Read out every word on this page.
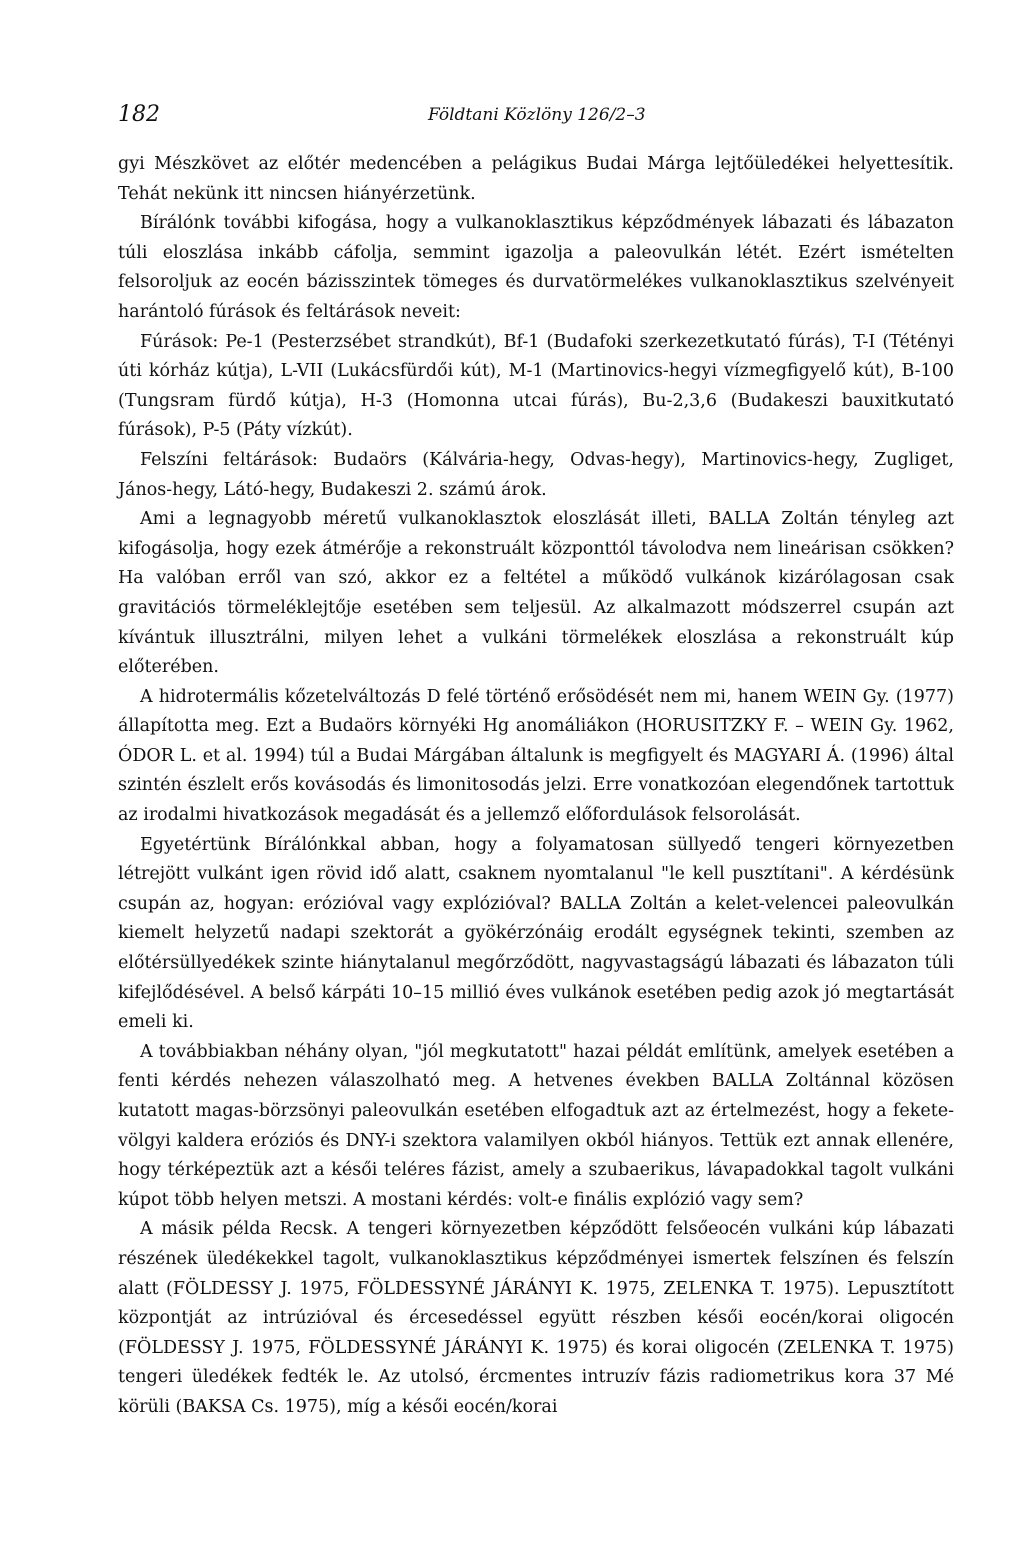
182	Földtani Közlöny 126/2–3

gyi Mészkövet az előtér medencében a pelágikus Budai Márga lejtőüledékei helyettesítik. Tehát nekünk itt nincsen hiányérzetünk.

Bírálónk további kifogása, hogy a vulkanoklasztikus képződmények lábazati és lábazaton túli eloszlása inkább cáfolja, semmint igazolja a paleovulkán létét. Ezért ismételten felsoroljuk az eocén bázisszintek tömeges és durvatörmelékes vulkanoklasztikus szelvényeit harántoló fúrások és feltárások neveit:

Fúrások: Pe-1 (Pesterzsébet strandkút), Bf-1 (Budafoki szerkezetkutató fúrás), T-I (Tétényi úti kórház kútja), L-VII (Lukácsfürdői kút), M-1 (Martinovics-hegyi vízmegfigyelő kút), B-100 (Tungsram fürdő kútja), H-3 (Homonna utcai fúrás), Bu-2,3,6 (Budakeszi bauxitkutató fúrások), P-5 (Páty vízkút).

Felszíni feltárások: Budaörs (Kálvária-hegy, Odvas-hegy), Martinovics-hegy, Zugliget, János-hegy, Látó-hegy, Budakeszi 2. számú árok.

Ami a legnagyobb méretű vulkanoklasztok eloszlását illeti, BALLA Zoltán tényleg azt kifogásolja, hogy ezek átmérője a rekonstruált központtól távolodva nem lineárisan csökken? Ha valóban erről van szó, akkor ez a feltétel a működő vulkánok kizárólagosan csak gravitációs törmeléklejtője esetében sem teljesül. Az alkalmazott módszerrel csupán azt kívántuk illusztrálni, milyen lehet a vulkáni törmelékek eloszlása a rekonstruált kúp előterében.

A hidrotermális kőzetelváltozás D felé történő erősödését nem mi, hanem WEIN Gy. (1977) állapította meg. Ezt a Budaörs környéki Hg anomáliákon (HORUSITZKY F. – WEIN Gy. 1962, ÓDOR L. et al. 1994) túl a Budai Márgában általunk is megfigyelt és MAGYARI Á. (1996) által szintén észlelt erős kovásodás és limonitosodás jelzi. Erre vonatkozóan elegendőnek tartottuk az irodalmi hivatkozások megadását és a jellemző előfordulások felsorolását.

Egyetértünk Bírálónkkal abban, hogy a folyamatosan süllyedő tengeri környezetben létrejött vulkánt igen rövid idő alatt, csaknem nyomtalanul "le kell pusztítani". A kérdésünk csupán az, hogyan: erózióval vagy explózióval? BALLA Zoltán a kelet-velencei paleovulkán kiemelt helyzetű nadapi szektorát a gyökérzónáig erodált egységnek tekinti, szemben az előtérsüllyedékek szinte hiánytalanul megőrződött, nagyvastagságú lábazati és lábazaton túli kifejlődésével. A belső kárpáti 10–15 millió éves vulkánok esetében pedig azok jó megtartását emeli ki.

A továbbiakban néhány olyan, "jól megkutatott" hazai példát említünk, amelyek esetében a fenti kérdés nehezen válaszolható meg. A hetvenes években BALLA Zoltánnal közösen kutatott magas-börzsönyi paleovulkán esetében elfogadtuk azt az értelmezést, hogy a fekete-völgyi kaldera eróziós és DNY-i szektora valamilyen okból hiányos. Tettük ezt annak ellenére, hogy térképeztük azt a késői teléres fázist, amely a szubaerikus, lávapadokkal tagolt vulkáni kúpot több helyen metszi. A mostani kérdés: volt-e finális explózió vagy sem?

A másik példa Recsk. A tengeri környezetben képződött felsőeocén vulkáni kúp lábazati részének üledékekkel tagolt, vulkanoklasztikus képződményei ismertek felszínen és felszín alatt (FÖLDESSY J. 1975, FÖLDESSYNÉ JÁRÁNYI K. 1975, ZELENKA T. 1975). Lepusztított központját az intrúzióval és ércesedéssel együtt részben késői eocén/korai oligocén (FÖLDESSY J. 1975, FÖLDESSYNÉ JÁRÁNYI K. 1975) és korai oligocén (ZELENKA T. 1975) tengeri üledékek fedték le. Az utolsó, ércmentes intruzív fázis radiometrikus kora 37 Mé körüli (BAKSA Cs. 1975), míg a késői eocén/korai
